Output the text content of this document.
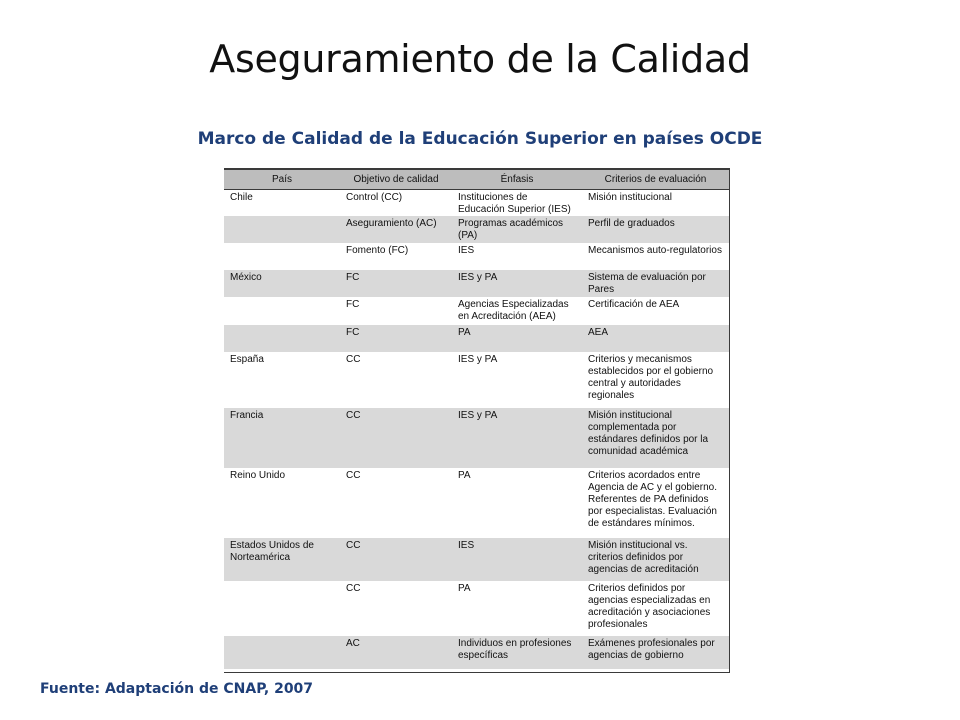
Aseguramiento de la Calidad
Marco de Calidad de la Educación Superior en países OCDE
País	Objetivo de calidad	Énfasis	Criterios de evaluación
Chile	Control (CC)	Instituciones de Educación Superior (IES)	Misión institucional
	Aseguramiento (AC)	Programas académicos (PA)	Perfil de graduados
	Fomento (FC)	IES	Mecanismos auto-regulatorios
México	FC	IES y PA	Sistema de evaluación por Pares
	FC	Agencias Especializadas en Acreditación (AEA)	Certificación de AEA
	FC	PA	AEA
España	CC	IES y PA	Criterios y mecanismos establecidos por el gobierno central y autoridades regionales
Francia	CC	IES y PA	Misión institucional complementada por estándares definidos por la comunidad académica
Reino Unido	CC	PA	Criterios acordados entre Agencia de AC y el gobierno. Referentes de PA definidos por especialistas. Evaluación de estándares mínimos.
Estados Unidos de Norteamérica	CC	IES	Misión institucional vs. criterios definidos por agencias de acreditación
	CC	PA	Criterios definidos por agencias especializadas en acreditación y asociaciones profesionales
	AC	Individuos en profesiones específicas	Exámenes profesionales por agencias de gobierno
Fuente: Adaptación de CNAP, 2007
